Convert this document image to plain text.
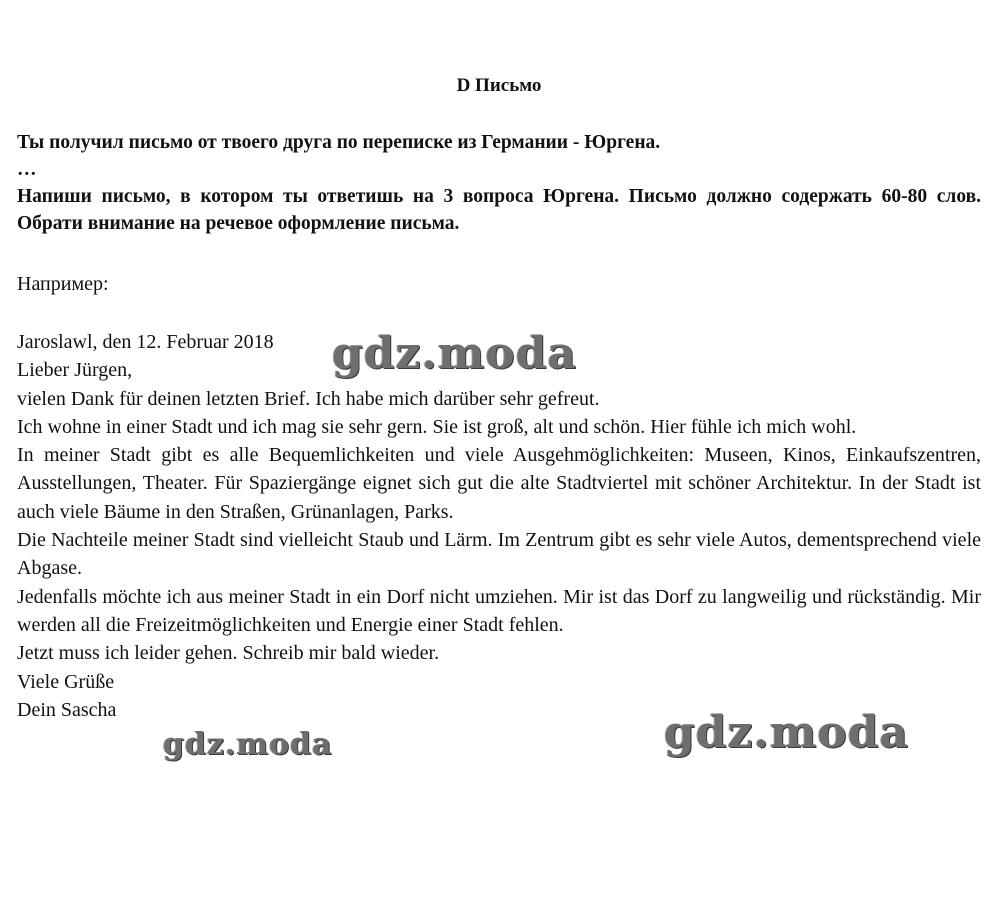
D Письмо

Ты получил письмо от твоего друга по переписке из Германии - Юргена.

…

Напиши письмо, в котором ты ответишь на 3 вопроса Юргена. Письмо должно содержать 60-80 слов. Обрати внимание на речевое оформление письма.

Например:

Jaroslawl, den 12. Februar 2018

Lieber Jürgen,

vielen Dank für deinen letzten Brief. Ich habe mich darüber sehr gefreut.

Ich wohne in einer Stadt und ich mag sie sehr gern. Sie ist groß, alt und schön. Hier fühle ich mich wohl.

In meiner Stadt gibt es alle Bequemlichkeiten und viele Ausgehmöglichkeiten: Museen, Kinos, Einkaufszentren, Ausstellungen, Theater. Für Spaziergänge eignet sich gut die alte Stadtviertel mit schöner Architektur. In der Stadt ist auch viele Bäume in den Straßen, Grünanlagen, Parks.

Die Nachteile meiner Stadt sind vielleicht Staub und Lärm. Im Zentrum gibt es sehr viele Autos, dementsprechend viele Abgase.

Jedenfalls möchte ich aus meiner Stadt in ein Dorf nicht umziehen. Mir ist das Dorf zu langweilig und rückständig. Mir werden all die Freizeitmöglichkeiten und Energie einer Stadt fehlen.

Jetzt muss ich leider gehen. Schreib mir bald wieder.

Viele Grüße

Dein Sascha

gdz.moda
gdz.moda	gdz.moda
